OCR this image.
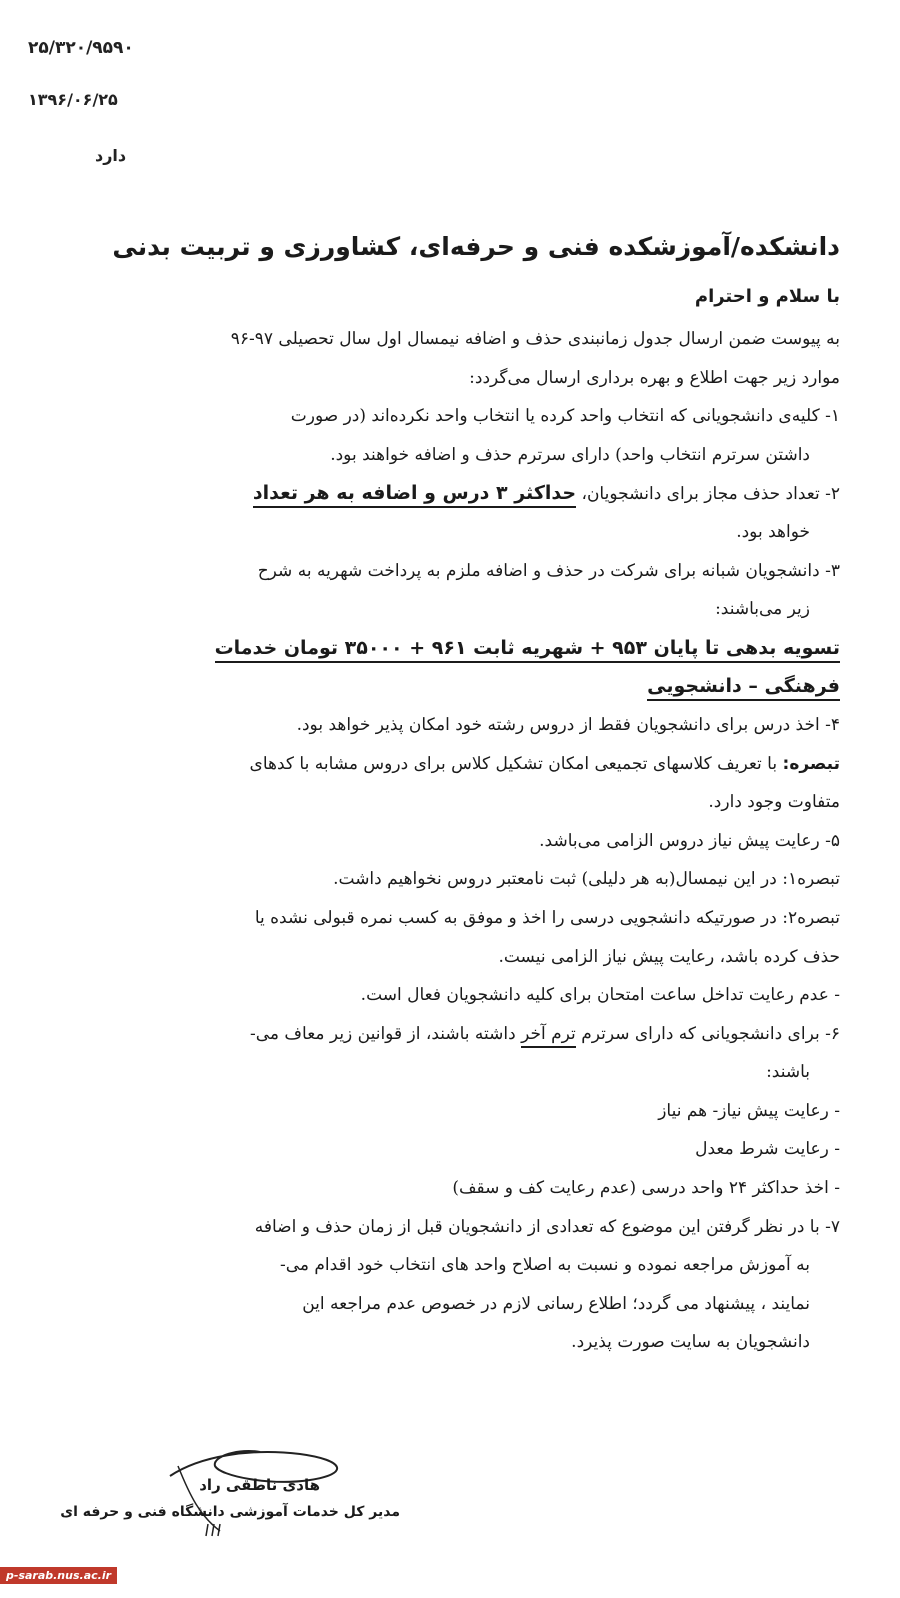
۲۵/۳۲۰/۹۵۹۰
۱۳۹۶/۰۶/۲۵
دارد
دانشکده/آموزشکده فنی و حرفه‌ای، کشاورزی و تربیت بدنی
با سلام و احترام
به پیوست ضمن ارسال جدول زمانبندی حذف و اضافه نیمسال اول سال تحصیلی ۹۷-۹۶
موارد زیر جهت اطلاع و بهره برداری ارسال می‌گردد:
۱- کلیه‌ی دانشجویانی که انتخاب واحد کرده یا انتخاب واحد نکرده‌اند (در صورت
داشتن سرترم انتخاب واحد) دارای سرترم حذف و اضافه خواهند بود.
۲- تعداد حذف مجاز برای دانشجویان، حداکثر ۳ درس و اضافه به هر تعداد
خواهد بود.
۳- دانشجویان شبانه برای شرکت در حذف و اضافه ملزم به پرداخت شهریه به شرح
زیر می‌باشند:
تسویه بدهی تا پایان ۹۵۳ + شهریه ثابت ۹۶۱ + ۳۵۰۰۰ تومان خدمات
فرهنگی – دانشجویی
۴- اخذ درس برای دانشجویان فقط از دروس رشته خود امکان پذیر خواهد بود.
تبصره: با تعریف کلاسهای تجمیعی امکان تشکیل کلاس برای دروس مشابه با کدهای
متفاوت وجود دارد.
۵- رعایت پیش نیاز دروس الزامی می‌باشد.
تبصره۱: در این نیمسال(به هر دلیلی) ثبت نامعتبر دروس نخواهیم داشت.
تبصره۲: در صورتیکه دانشجویی درسی را اخذ و موفق به کسب نمره قبولی نشده یا
حذف کرده باشد، رعایت پیش نیاز الزامی نیست.
- عدم رعایت تداخل ساعت امتحان برای کلیه دانشجویان فعال است.
۶- برای دانشجویانی که دارای سرترم ترم آخر داشته باشند، از قوانین زیر معاف می-
باشند:
- رعایت پیش نیاز- هم نیاز
- رعایت شرط معدل
- اخذ حداکثر ۲۴ واحد درسی (عدم رعایت کف و سقف)
۷- با در نظر گرفتن این موضوع که تعدادی از دانشجویان قبل از زمان حذف و اضافه
به آموزش مراجعه نموده و نسبت به اصلاح واحد های انتخاب خود اقدام می-
نمایند ، پیشنهاد می گردد؛ اطلاع رسانی لازم در خصوص عدم مراجعه این
دانشجویان به سایت صورت پذیرد.
هادی ناطقی راد
مدیر کل خدمات آموزشی دانشگاه فنی و حرفه ای
p-sarab.nus.ac.ir
